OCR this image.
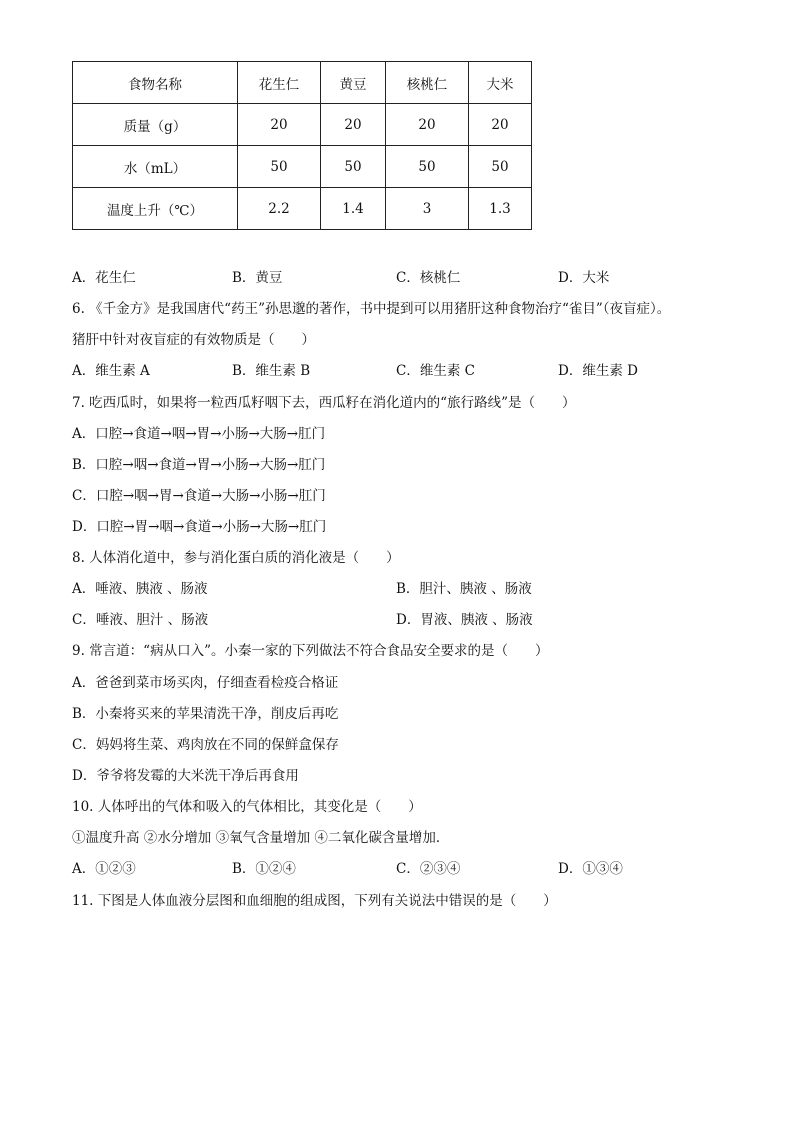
食物名称	花生仁	黄豆	核桃仁	大米
质量（g）	20	20	20	20
水（mL）	50	50	50	50
温度上升（℃）	2.2	1.4	3	1.3
A．花生仁	B．黄豆	C．核桃仁	D．大米
6. 《千金方》是我国唐代“药王”孙思邈的著作，书中提到可以用猪肝这种食物治疗“雀目”（夜盲症）。
猪肝中针对夜盲症的有效物质是（　　）
A．维生素 A	B．维生素 B	C．维生素 C	D．维生素 D
7. 吃西瓜时，如果将一粒西瓜籽咽下去，西瓜籽在消化道内的“旅行路线”是（　　）
A．口腔→食道→咽→胃→小肠→大肠→肛门
B．口腔→咽→食道→胃→小肠→大肠→肛门
C．口腔→咽→胃→食道→大肠→小肠→肛门
D．口腔→胃→咽→食道→小肠→大肠→肛门
8. 人体消化道中，参与消化蛋白质的消化液是（　　）
A．唾液、胰液 、肠液	B．胆汁、胰液 、肠液
C．唾液、胆汁 、肠液	D．胃液、胰液 、肠液
9. 常言道：“病从口入”。小秦一家的下列做法不符合食品安全要求的是（　　）
A．爸爸到菜市场买肉，仔细查看检疫合格证
B．小秦将买来的苹果清洗干净，削皮后再吃
C．妈妈将生菜、鸡肉放在不同的保鲜盒保存
D．爷爷将发霉的大米洗干净后再食用
10. 人体呼出的气体和吸入的气体相比，其变化是（　　）
①温度升高 ②水分增加 ③氧气含量增加 ④二氧化碳含量增加．
A．①②③	B．①②④	C．②③④	D．①③④
11. 下图是人体血液分层图和血细胞的组成图，下列有关说法中错误的是（　　）
